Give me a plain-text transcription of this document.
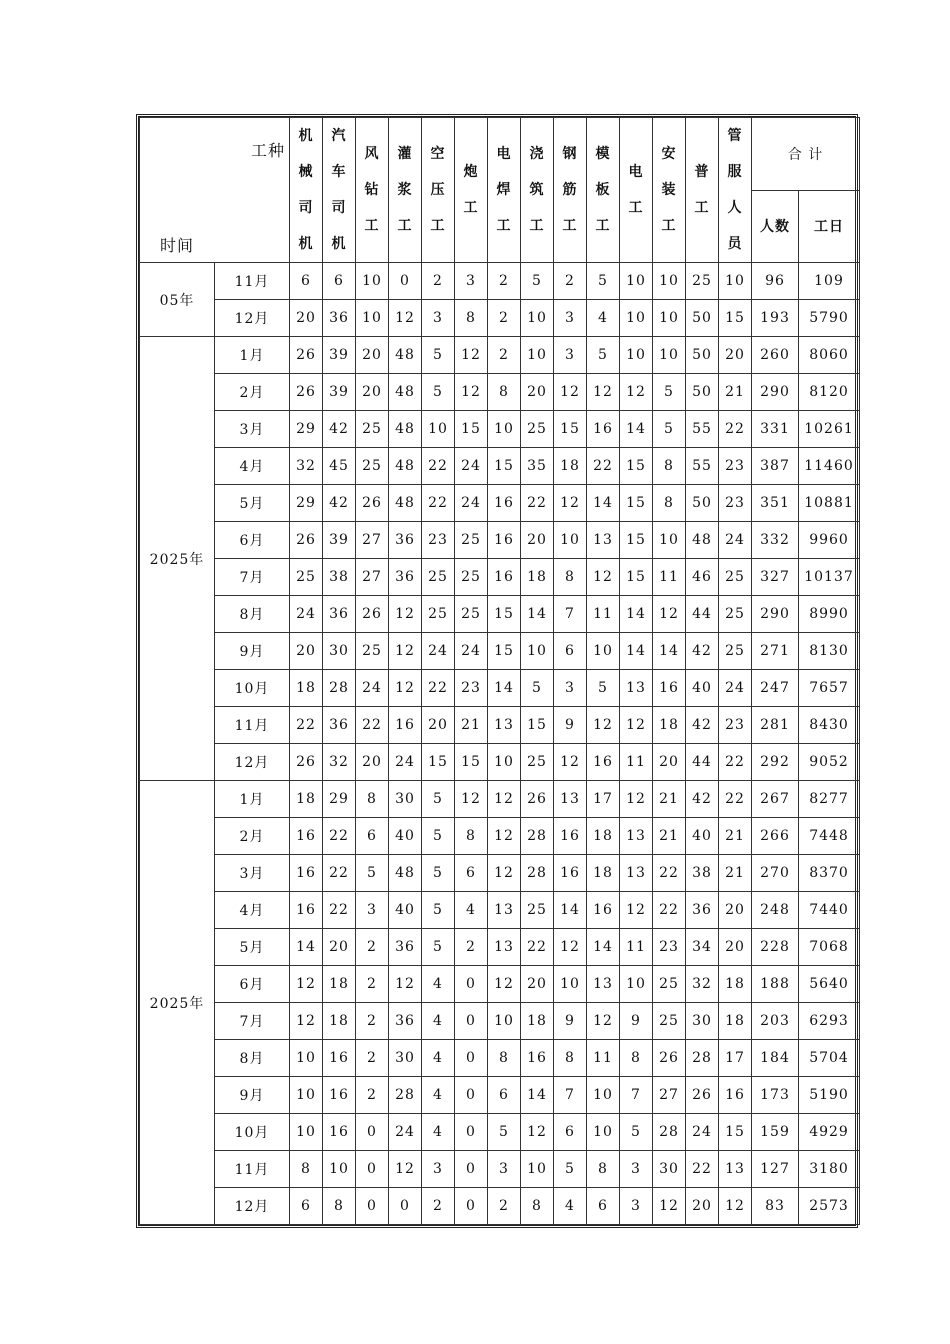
工种
时间		机械司机	汽车司机	风钻工	灌浆工	空压工	炮工	电焊工	浇筑工	钢筋工	模板工	电工	安装工	普工	管服人员	合 计	
																人数	工日
05年	11月	6	6	10	0	2	3	2	5	2	5	10	10	25	10	96	109
	12月	20	36	10	12	3	8	2	10	3	4	10	10	50	15	193	5790
2025年	1月	26	39	20	48	5	12	2	10	3	5	10	10	50	20	260	8060
	2月	26	39	20	48	5	12	8	20	12	12	12	5	50	21	290	8120
	3月	29	42	25	48	10	15	10	25	15	16	14	5	55	22	331	10261
	4月	32	45	25	48	22	24	15	35	18	22	15	8	55	23	387	11460
	5月	29	42	26	48	22	24	16	22	12	14	15	8	50	23	351	10881
	6月	26	39	27	36	23	25	16	20	10	13	15	10	48	24	332	9960
	7月	25	38	27	36	25	25	16	18	8	12	15	11	46	25	327	10137
	8月	24	36	26	12	25	25	15	14	7	11	14	12	44	25	290	8990
	9月	20	30	25	12	24	24	15	10	6	10	14	14	42	25	271	8130
	10月	18	28	24	12	22	23	14	5	3	5	13	16	40	24	247	7657
	11月	22	36	22	16	20	21	13	15	9	12	12	18	42	23	281	8430
	12月	26	32	20	24	15	15	10	25	12	16	11	20	44	22	292	9052
2025年	1月	18	29	8	30	5	12	12	26	13	17	12	21	42	22	267	8277
	2月	16	22	6	40	5	8	12	28	16	18	13	21	40	21	266	7448
	3月	16	22	5	48	5	6	12	28	16	18	13	22	38	21	270	8370
	4月	16	22	3	40	5	4	13	25	14	16	12	22	36	20	248	7440
	5月	14	20	2	36	5	2	13	22	12	14	11	23	34	20	228	7068
	6月	12	18	2	12	4	0	12	20	10	13	10	25	32	18	188	5640
	7月	12	18	2	36	4	0	10	18	9	12	9	25	30	18	203	6293
	8月	10	16	2	30	4	0	8	16	8	11	8	26	28	17	184	5704
	9月	10	16	2	28	4	0	6	14	7	10	7	27	26	16	173	5190
	10月	10	16	0	24	4	0	5	12	6	10	5	28	24	15	159	4929
	11月	8	10	0	12	3	0	3	10	5	8	3	30	22	13	127	3180
	12月	6	8	0	0	2	0	2	8	4	6	3	12	20	12	83	2573
